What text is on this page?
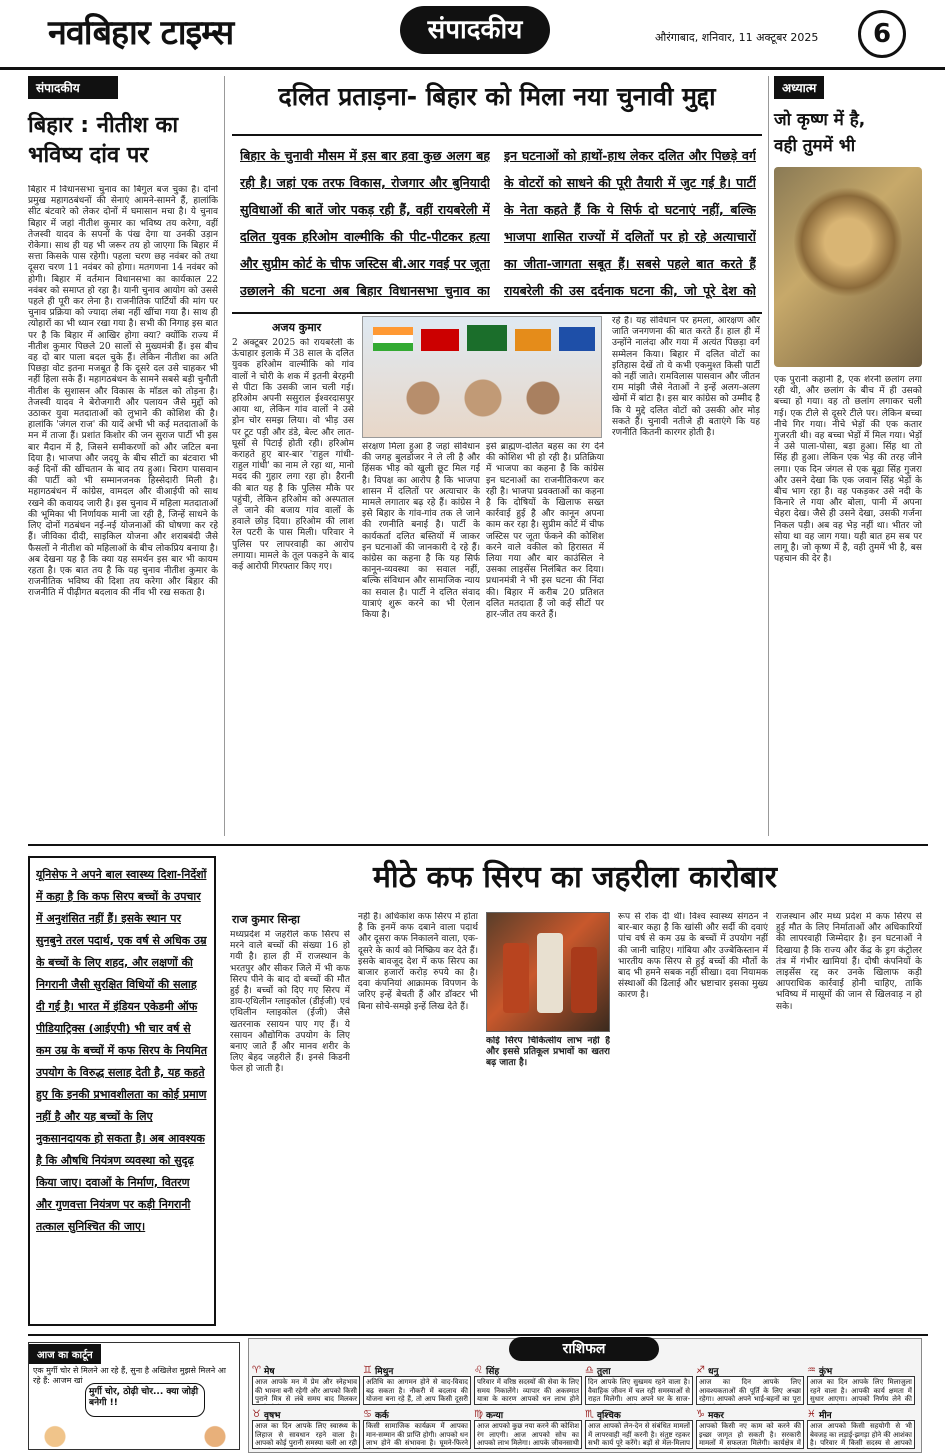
नवबिहार टाइम्स	संपादकीय	औरंगाबाद, शनिवार, 11 अक्टूबर 2025	6
संपादकीय
बिहार : नीतीश का
भविष्य दांव पर
बिहार में विधानसभा चुनाव का बिगुल बज चुका है। दोनों प्रमुख महागठबंधनों की सेनाएं आमने-सामने हैं, हालांकि सीट बंटवारे को लेकर दोनों में घमासान मचा है। ये चुनाव बिहार में जहां नीतीश कुमार का भविष्य तय करेगा, वहीं तेजस्वी यादव के सपनों के पंख देगा या उनकी उड़ान रोकेगा। साथ ही यह भी जरूर तय हो जाएगा कि बिहार में सत्ता किसके पास रहेगी। पहला चरण छह नवंबर को तथा दूसरा चरण 11 नवंबर को होगा। मतगणना 14 नवंबर को होगी। बिहार में वर्तमान विधानसभा का कार्यकाल 22 नवंबर को समाप्त हो रहा है। यानी चुनाव आयोग को उससे पहले ही पूरी कर लेना है। राजनीतिक पार्टियों की मांग पर चुनाव प्रक्रिया को ज्यादा लंबा नहीं खींचा गया है। साथ ही त्योहारों का भी ध्यान रखा गया है। सभी की निगाह इस बात पर है कि बिहार में आखिर होगा क्या? क्योंकि राज्य में नीतीश कुमार पिछले 20 सालों से मुख्यमंत्री हैं। इस बीच वह दो बार पाला बदल चुके हैं। लेकिन नीतीश का अति पिछड़ा वोट इतना मजबूत है कि दूसरे दल उसे चाहकर भी नहीं हिला सके हैं। महागठबंधन के सामने सबसे बड़ी चुनौती नीतीश के सुशासन और विकास के मॉडल को तोड़ना है। तेजस्वी यादव ने बेरोजगारी और पलायन जैसे मुद्दों को उठाकर युवा मतदाताओं को लुभाने की कोशिश की है। हालांकि 'जंगल राज' की यादें अभी भी कई मतदाताओं के मन में ताजा हैं। प्रशांत किशोर की जन सुराज पार्टी भी इस बार मैदान में है, जिसने समीकरणों को और जटिल बना दिया है। भाजपा और जदयू के बीच सीटों का बंटवारा भी कई दिनों की खींचतान के बाद तय हुआ। चिराग पासवान की पार्टी को भी सम्मानजनक हिस्सेदारी मिली है। महागठबंधन में कांग्रेस, वामदल और वीआईपी को साथ रखने की कवायद जारी है। इस चुनाव में महिला मतदाताओं की भूमिका भी निर्णायक मानी जा रही है, जिन्हें साधने के लिए दोनों गठबंधन नई-नई योजनाओं की घोषणा कर रहे हैं। जीविका दीदी, साइकिल योजना और शराबबंदी जैसे फैसलों ने नीतीश को महिलाओं के बीच लोकप्रिय बनाया है। अब देखना यह है कि क्या यह समर्थन इस बार भी कायम रहता है। एक बात तय है कि यह चुनाव नीतीश कुमार के राजनीतिक भविष्य की दिशा तय करेगा और बिहार की राजनीति में पीढ़ीगत बदलाव की नींव भी रख सकता है।
दलित प्रताड़ना- बिहार को मिला नया चुनावी मुद्दा
बिहार के चुनावी मौसम में इस बार हवा कुछ अलग बह रही है। जहां एक तरफ विकास, रोजगार और बुनियादी सुविधाओं की बातें जोर पकड़ रही हैं, वहीं रायबरेली में दलित युवक हरिओम वाल्मीकि की पीट-पीटकर हत्या और सुप्रीम कोर्ट के चीफ जस्टिस बी.आर गवई पर जूता उछालने की घटना अब बिहार विधानसभा चुनाव का
इन घटनाओं को हाथों-हाथ लेकर दलित और पिछड़े वर्ग के वोटरों को साधने की पूरी तैयारी में जुट गई है। पार्टी के नेता कहते हैं कि ये सिर्फ दो घटनाएं नहीं, बल्कि भाजपा शासित राज्यों में दलितों पर हो रहे अत्याचारों का जीता-जागता सबूत हैं। सबसे पहले बात करते हैं रायबरेली की उस दर्दनाक घटना की, जो पूरे देश को
अजय कुमार
2 अक्टूबर 2025 को रायबरेली के ऊंचाहार इलाके में 38 साल के दलित युवक हरिओम वाल्मीकि को गांव वालों ने चोरी के शक में इतनी बेरहमी से पीटा कि उसकी जान चली गई। हरिओम अपनी ससुराल ईश्वरदासपुर आया था, लेकिन गांव वालों ने उसे ड्रोन चोर समझ लिया। वो भीड़ उस पर टूट पड़ी और डंडे, बेल्ट और लात-घूसों से पिटाई होती रही। हरिओम कराहते हुए बार-बार 'राहुल गांधी-राहुल गांधी' का नाम ले रहा था, मानो मदद की गुहार लगा रहा हो। हैरानी की बात यह है कि पुलिस मौके पर पहुंची, लेकिन हरिओम को अस्पताल ले जाने की बजाय गांव वालों के हवाले छोड़ दिया। हरिओम की लाश रेल पटरी के पास मिली। परिवार ने पुलिस पर लापरवाही का आरोप लगाया। मामले के तूल पकड़ने के बाद कई आरोपी गिरफ्तार किए गए।
संरक्षण मिला हुआ है जहां संविधान की जगह बुलडोजर ने ले ली है और हिंसक भीड़ को खुली छूट मिल गई है। विपक्ष का आरोप है कि भाजपा शासन में दलितों पर अत्याचार के मामले लगातार बढ़ रहे हैं। कांग्रेस ने इसे बिहार के गांव-गांव तक ले जाने की रणनीति बनाई है। पार्टी के कार्यकर्ता दलित बस्तियों में जाकर इन घटनाओं की जानकारी दे रहे हैं। कांग्रेस का कहना है कि यह सिर्फ कानून-व्यवस्था का सवाल नहीं, बल्कि संविधान और सामाजिक न्याय का सवाल है। पार्टी ने दलित संवाद यात्राएं शुरू करने का भी ऐलान किया है।
इसे ब्राह्मण-दलित बहस का रंग देने की कोशिश भी हो रही है। प्रतिक्रिया में भाजपा का कहना है कि कांग्रेस इन घटनाओं का राजनीतिकरण कर रही है। भाजपा प्रवक्ताओं का कहना है कि दोषियों के खिलाफ सख्त कार्रवाई हुई है और कानून अपना काम कर रहा है। सुप्रीम कोर्ट में चीफ जस्टिस पर जूता फेंकने की कोशिश करने वाले वकील को हिरासत में लिया गया और बार काउंसिल ने उसका लाइसेंस निलंबित कर दिया। प्रधानमंत्री ने भी इस घटना की निंदा की। बिहार में करीब 20 प्रतिशत दलित मतदाता हैं जो कई सीटों पर हार-जीत तय करते हैं।
रहे हैं। यह संविधान पर हमला, आरक्षण और जाति जनगणना की बात करते हैं। हाल ही में उन्होंने नालंदा और गया में अत्यंत पिछड़ा वर्ग सम्मेलन किया। बिहार में दलित वोटों का इतिहास देखें तो ये कभी एकमुश्त किसी पार्टी को नहीं जाते। रामविलास पासवान और जीतन राम मांझी जैसे नेताओं ने इन्हें अलग-अलग खेमों में बांटा है। इस बार कांग्रेस को उम्मीद है कि ये मुद्दे दलित वोटों को उसकी ओर मोड़ सकते हैं। चुनावी नतीजे ही बताएंगे कि यह रणनीति कितनी कारगर होती है।
अध्यात्म
जो कृष्ण में है,
वही तुममें भी
एक पुरानी कहानी है, एक शेरनी छलांग लगा रही थी, और छलांग के बीच में ही उसको बच्चा हो गया। वह तो छलांग लगाकर चली गई। एक टीले से दूसरे टीले पर। लेकिन बच्चा नीचे गिर गया। नीचे भेड़ों की एक कतार गुजरती थी। वह बच्चा भेड़ों में मिल गया। भेड़ों ने उसे पाला-पोसा, बड़ा हुआ। सिंह था तो सिंह ही हुआ। लेकिन एक भेड़ की तरह जीने लगा। एक दिन जंगल से एक बूढ़ा सिंह गुजरा और उसने देखा कि एक जवान सिंह भेड़ों के बीच भाग रहा है। वह पकड़कर उसे नदी के किनारे ले गया और बोला, पानी में अपना चेहरा देख। जैसे ही उसने देखा, उसकी गर्जना निकल पड़ी। अब वह भेड़ नहीं था। भीतर जो सोया था वह जाग गया। यही बात हम सब पर लागू है। जो कृष्ण में है, वही तुममें भी है, बस पहचान की देर है।
यूनिसेफ ने अपने बाल स्वास्थ्य दिशा-निर्देशों में कहा है कि कफ सिरप बच्चों के उपचार में अनुशंसित नहीं हैं। इसके स्थान पर सुनबुने तरल पदार्थ, एक वर्ष से अधिक उम्र के बच्चों के लिए शहद, और लक्षणों की निगरानी जैसी सुरक्षित विधियों की सलाह दी गई है। भारत में इंडियन एकेडमी ऑफ पीडियाट्रिक्स (आईएपी) भी चार वर्ष से कम उम्र के बच्चों में कफ सिरप के नियमित उपयोग के विरुद्ध सलाह देती है, यह कहते हुए कि इनकी प्रभावशीलता का कोई प्रमाण नहीं है और यह बच्चों के लिए नुकसानदायक हो सकता है। अब आवश्यक है कि औषधि नियंत्रण व्यवस्था को सुदृढ़ किया जाए। दवाओं के निर्माण, वितरण और गुणवत्ता नियंत्रण पर कड़ी निगरानी तत्काल सुनिश्चित की जाए।
मीठे कफ सिरप का जहरीला कारोबार
राज कुमार सिन्हा
मध्यप्रदेश में जहरीले कफ सिरप से मरने वाले बच्चों की संख्या 16 हो गयी है। हाल ही में राजस्थान के भरतपुर और सीकर जिले में भी कफ सिरप पीने के बाद दो बच्चों की मौत हुई है। बच्चों को दिए गए सिरप में डाय-एथिलीन ग्लाइकोल (डीईजी) एवं एथिलीन ग्लाइकोल (ईजी) जैसे खतरनाक रसायन पाए गए हैं। ये रसायन औद्योगिक उपयोग के लिए बनाए जाते हैं और मानव शरीर के लिए बेहद जहरीले हैं। इनसे किडनी फेल हो जाती है।
नहीं है। अधिकांश कफ सिरप में होता है कि इनमें कफ दबाने वाला पदार्थ और दूसरा कफ निकालने वाला, एक-दूसरे के कार्य को निष्क्रिय कर देते हैं। इसके बावजूद देश में कफ सिरप का बाजार हजारों करोड़ रुपये का है। दवा कंपनियां आक्रामक विपणन के जरिए इन्हें बेचती हैं और डॉक्टर भी बिना सोचे-समझे इन्हें लिख देते हैं।
कोई सिरप चिकित्सीय लाभ नहीं है और इससे प्रतिकूल प्रभावों का खतरा बढ़ जाता है।
रूप से रोक दी थी। विश्व स्वास्थ्य संगठन ने बार-बार कहा है कि खांसी और सर्दी की दवाएं पांच वर्ष से कम उम्र के बच्चों में उपयोग नहीं की जानी चाहिए। गांबिया और उज्बेकिस्तान में भारतीय कफ सिरप से हुई बच्चों की मौतों के बाद भी हमने सबक नहीं सीखा। दवा नियामक संस्थाओं की ढिलाई और भ्रष्टाचार इसका मुख्य कारण है।
राजस्थान और मध्य प्रदेश में कफ सिरप से हुई मौत के लिए निर्माताओं और अधिकारियों की लापरवाही जिम्मेदार है। इन घटनाओं ने दिखाया है कि राज्य और केंद्र के ड्रग कंट्रोलर तंत्र में गंभीर खामियां हैं। दोषी कंपनियों के लाइसेंस रद्द कर उनके खिलाफ कड़ी आपराधिक कार्रवाई होनी चाहिए, ताकि भविष्य में मासूमों की जान से खिलवाड़ न हो सके।
आज का कार्टून
एक मुर्गी चोर से मिलने आ रहे हैं, सुना है अखिलेश मुझसे मिलने आ रहे हैं: आजम खां
मुर्गी चोर, ठोढ़ी चोर... क्या जोड़ी बनेगी !!
राशिफल
♈ मेष
आज आपके मन में प्रेम और स्नेहभाव की भावना बनी रहेगी और आपको किसी पुराने मित्र से लंबे समय बाद मिलकर
♊ मिथुन
अतिथि का आगमन होने से वाद-विवाद बढ़ सकता है। नौकरी में बदलाव की योजना बना रहे हैं, तो आप किसी दूसरी
♌ सिंह
परिवार में वरिष्ठ सदस्यों की सेवा के लिए समय निकालेंगे। व्यापार की अकस्मात यात्रा के कारण आपको धन लाभ होने
♎ तुला
दिन आपके लिए सुखमय रहने वाला है। वैवाहिक जीवन में चल रही समस्याओं से राहत मिलेगी। आप अपने घर के साज-
♐ धनु
आज का दिन आपके लिए आवश्यकताओं की पूर्ति के लिए अच्छा रहेगा। आपको अपने भाई-बहनों का पूरा
♒ कुंभ
आज का दिन आपके लिए मिलाजुला रहने वाला है। आपकी कार्य क्षमता में सुधार आएगा। आपको निर्णय लेने की
♉ वृषभ
आज का दिन आपके लिए स्वास्थ्य के लिहाज से सावधान रहने वाला है। आपको कोई पुरानी समस्या चली आ रही
♋ कर्क
किसी सामाजिक कार्यक्रम में आपका मान-सम्मान की प्राप्ति होगी। आपको धन लाभ होने की संभावना है। घूमने-फिरने
♍ कन्या
आज आपको कुछ नया करने की कोशिश रंग लाएगी। आज आपको सोच का आपको लाभ मिलेगा। आपके जीवनसाथी
♏ वृश्चिक
आज आपको लेन-देन से संबंधित मामलों में लापरवाही नहीं करनी है। संतुष्ट रहकर सभी कार्य पूरे करेंगे। बड़ों से मेल-मिलाप
♑ मकर
आपको किसी नए काम को करने की इच्छा जागृत हो सकती है। सरकारी मामलों में सफलता मिलेगी। कार्यक्षेत्र में
♓ मीन
आज आपको किसी सहयोगी से भी बेवजह का लड़ाई-झगड़ा होने की आशंका है। परिवार में किसी सदस्य से आपको
